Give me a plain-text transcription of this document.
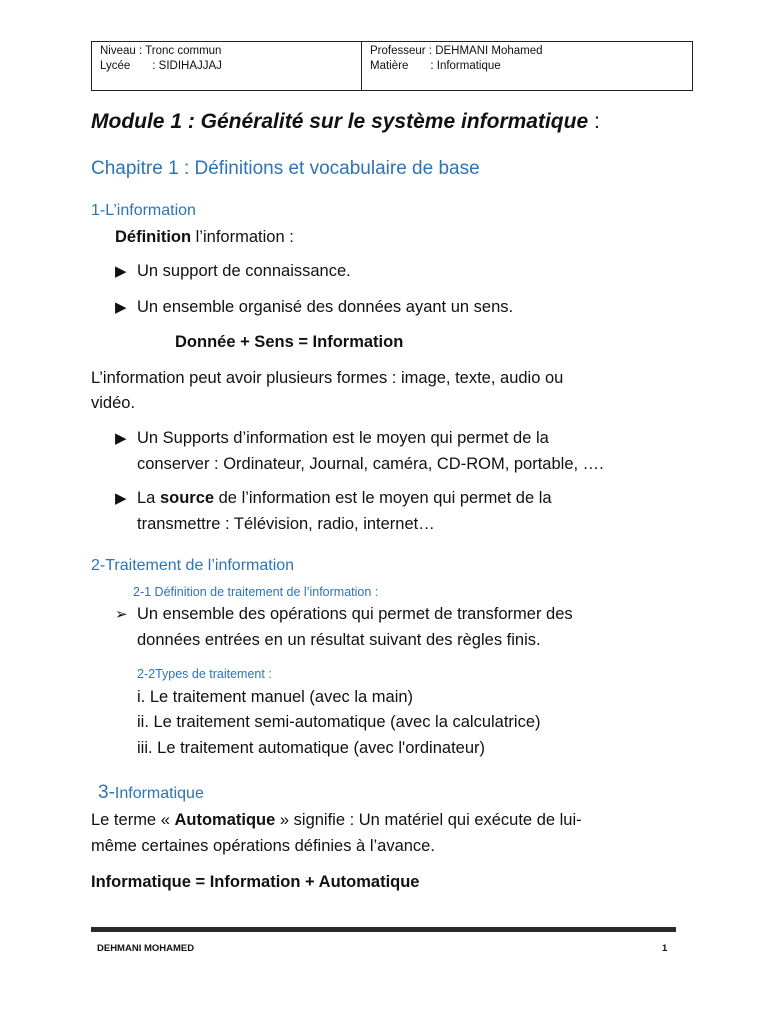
Niveau : Tronc commun
Lycée : SIDIHAJJAJ
Professeur : DEHMANI Mohamed
Matière : Informatique
Module 1 : Généralité sur le système informatique :
Chapitre 1 : Définitions et vocabulaire de base
1-L’information
Définition l’information :
▶ Un support de connaissance.
▶ Un ensemble organisé des données ayant un sens.
Donnée + Sens = Information
L’information peut avoir plusieurs formes : image, texte, audio ou
vidéo.
▶ Un Supports d’information est le moyen qui permet de la
conserver : Ordinateur, Journal, caméra, CD-ROM, portable, ….
▶ La source de l’information est le moyen qui permet de la
transmettre : Télévision, radio, internet…
2-Traitement de l’information
2-1 Définition de traitement de l’information :
➢ Un ensemble des opérations qui permet de transformer des
données entrées en un résultat suivant des règles finis.
2-2Types de traitement :
i. Le traitement manuel (avec la main)
ii. Le traitement semi-automatique (avec la calculatrice)
iii. Le traitement automatique (avec l'ordinateur)
3-Informatique
Le terme « Automatique » signifie : Un matériel qui exécute de lui-
même certaines opérations définies à l’avance.
Informatique = Information + Automatique
DEHMANI MOHAMED	1
